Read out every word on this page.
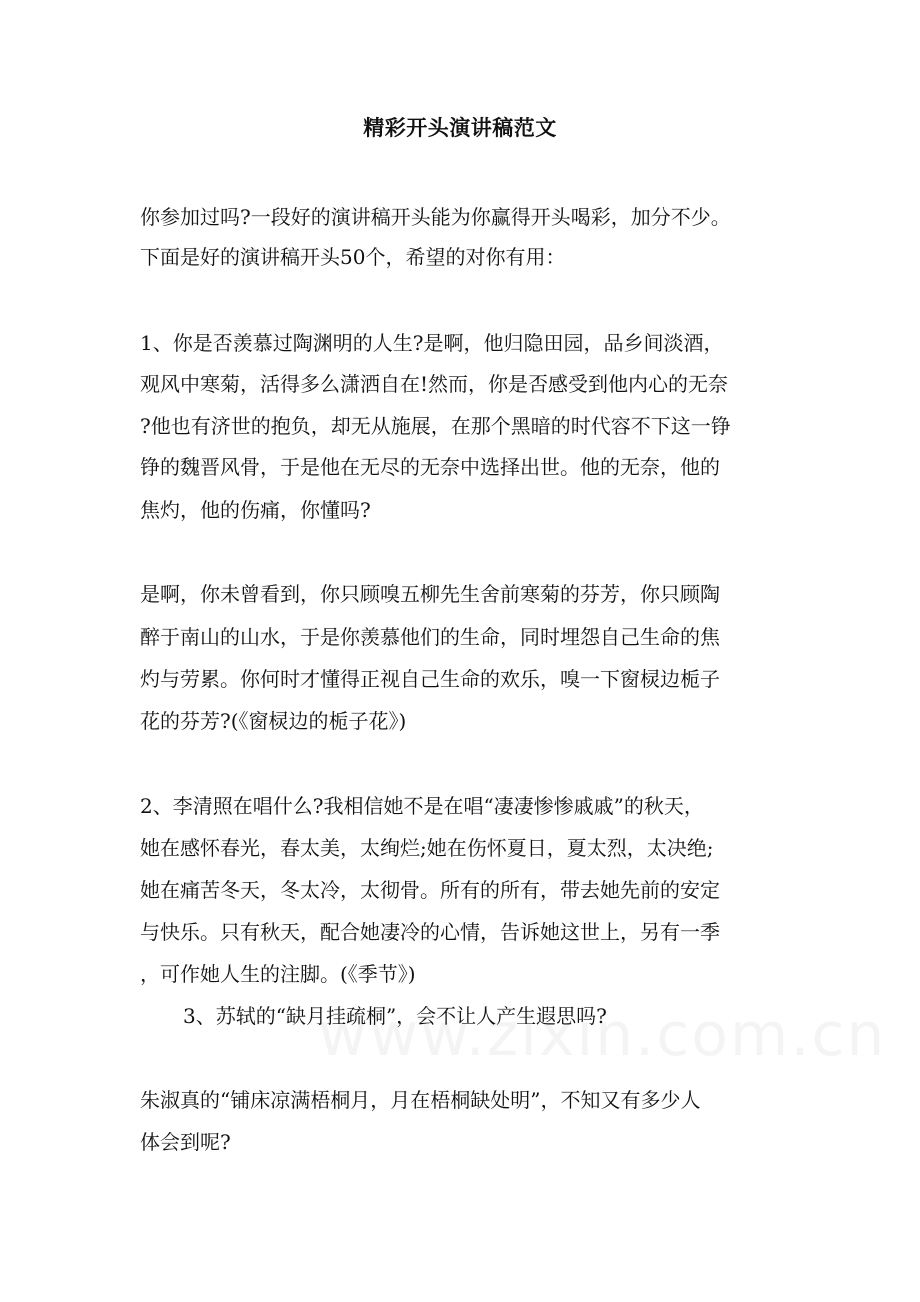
精彩开头演讲稿范文
你参加过吗?一段好的演讲稿开头能为你赢得开头喝彩，加分不少。
下面是好的演讲稿开头50个，希望的对你有用：
1、你是否羡慕过陶渊明的人生?是啊，他归隐田园，品乡间淡酒，
观风中寒菊，活得多么潇洒自在!然而，你是否感受到他内心的无奈
?他也有济世的抱负，却无从施展，在那个黑暗的时代容不下这一铮
铮的魏晋风骨，于是他在无尽的无奈中选择出世。他的无奈，他的
焦灼，他的伤痛，你懂吗?
是啊，你未曾看到，你只顾嗅五柳先生舍前寒菊的芬芳，你只顾陶
醉于南山的山水，于是你羡慕他们的生命，同时埋怨自己生命的焦
灼与劳累。你何时才懂得正视自己生命的欢乐，嗅一下窗棂边栀子
花的芬芳?(《窗棂边的栀子花》)
2、李清照在唱什么?我相信她不是在唱“凄凄惨惨戚戚”的秋天，
她在感怀春光，春太美，太绚烂;她在伤怀夏日，夏太烈，太决绝;
她在痛苦冬天，冬太冷，太彻骨。所有的所有，带去她先前的安定
与快乐。只有秋天，配合她凄冷的心情，告诉她这世上，另有一季
，可作她人生的注脚。(《季节》)
3、苏轼的“缺月挂疏桐”，会不让人产生遐思吗?
朱淑真的“铺床凉满梧桐月，月在梧桐缺处明”，不知又有多少人
体会到呢?
